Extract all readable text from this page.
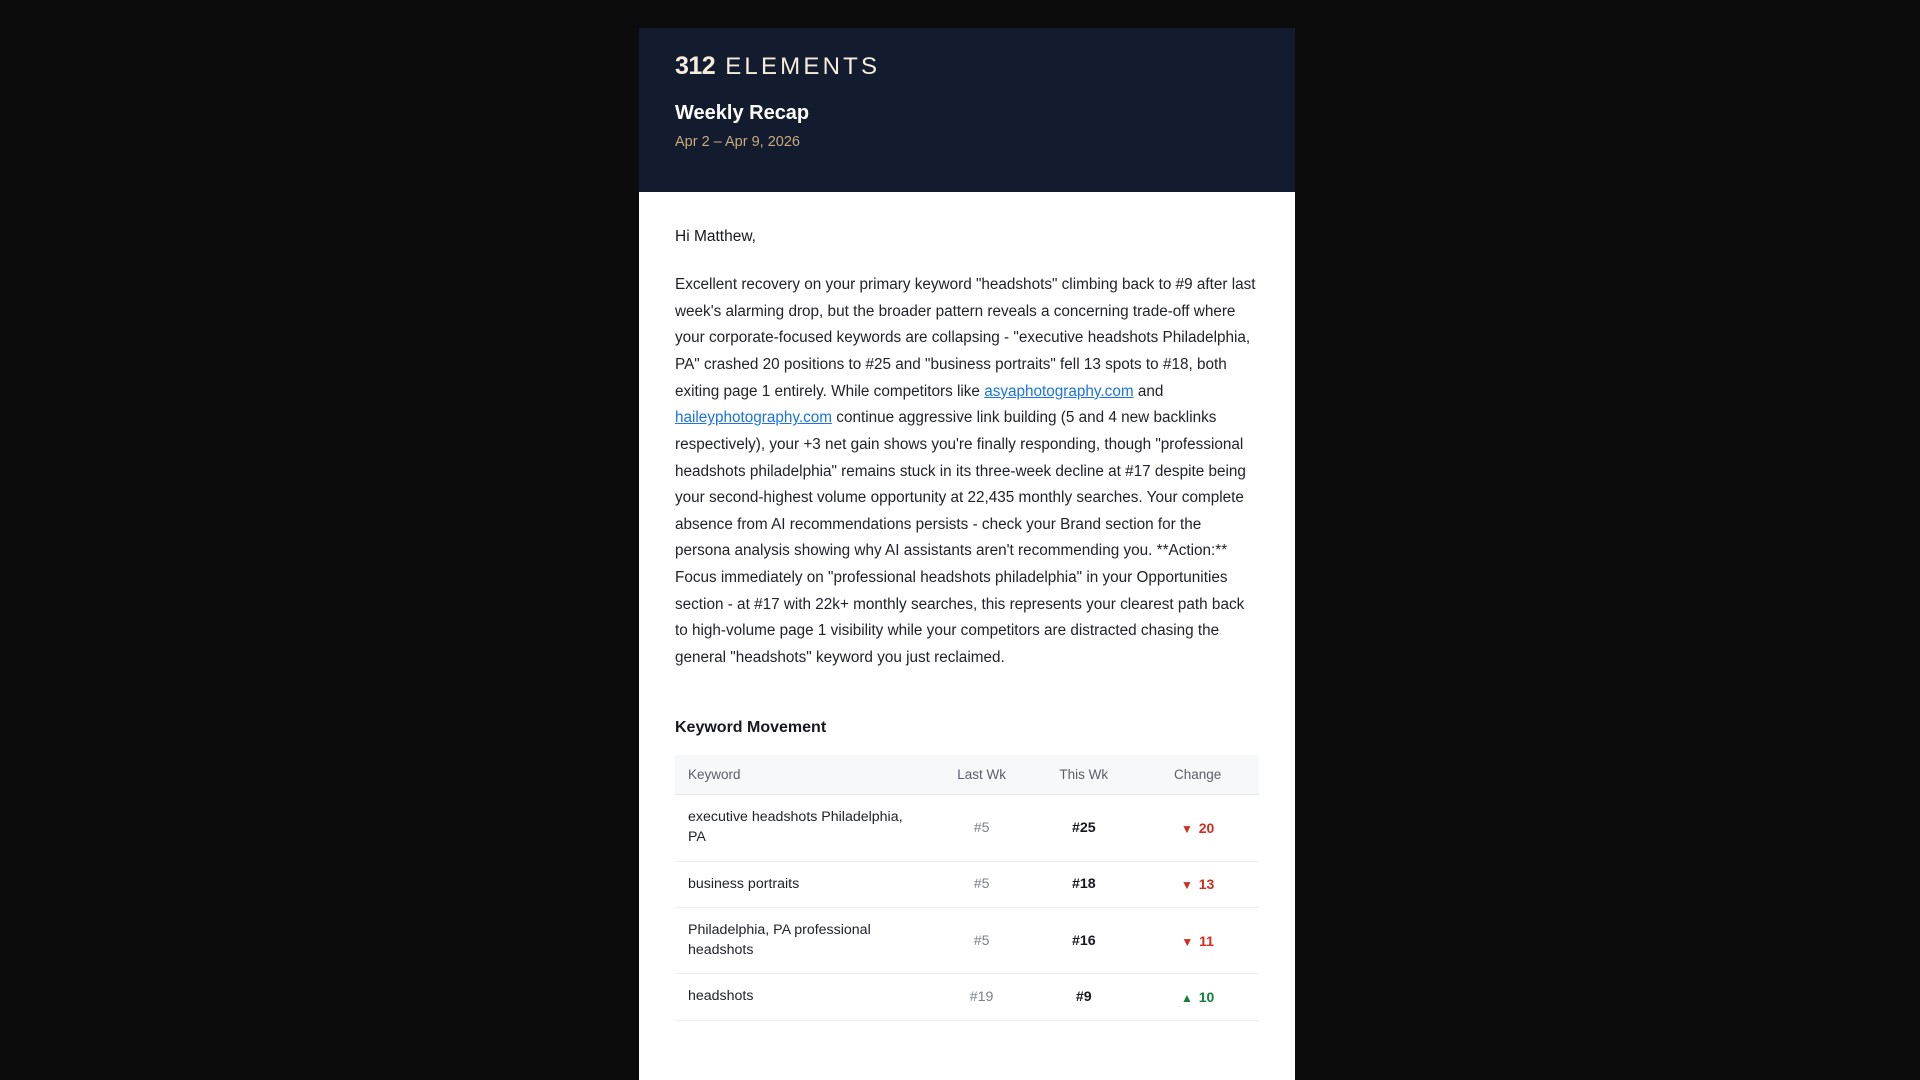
312 ELEMENTS
Weekly Recap
Apr 2 – Apr 9, 2026
Hi Matthew,

Excellent recovery on your primary keyword "headshots" climbing back to #9 after last week's alarming drop, but the broader pattern reveals a concerning trade-off where your corporate-focused keywords are collapsing - "executive headshots Philadelphia, PA" crashed 20 positions to #25 and "business portraits" fell 13 spots to #18, both exiting page 1 entirely. While competitors like asyaphotography.com and haileyphotography.com continue aggressive link building (5 and 4 new backlinks respectively), your +3 net gain shows you're finally responding, though "professional headshots philadelphia" remains stuck in its three-week decline at #17 despite being your second-highest volume opportunity at 22,435 monthly searches. Your complete absence from AI recommendations persists - check your Brand section for the persona analysis showing why AI assistants aren't recommending you. **Action:** Focus immediately on "professional headshots philadelphia" in your Opportunities section - at #17 with 22k+ monthly searches, this represents your clearest path back to high-volume page 1 visibility while your competitors are distracted chasing the general "headshots" keyword you just reclaimed.

Keyword Movement
Keyword	Last Wk	This Wk	Change
executive headshots Philadelphia, PA	#5	#25	▼ 20
business portraits	#5	#18	▼ 13
Philadelphia, PA professional headshots	#5	#16	▼ 11
headshots	#19	#9	▲ 10
